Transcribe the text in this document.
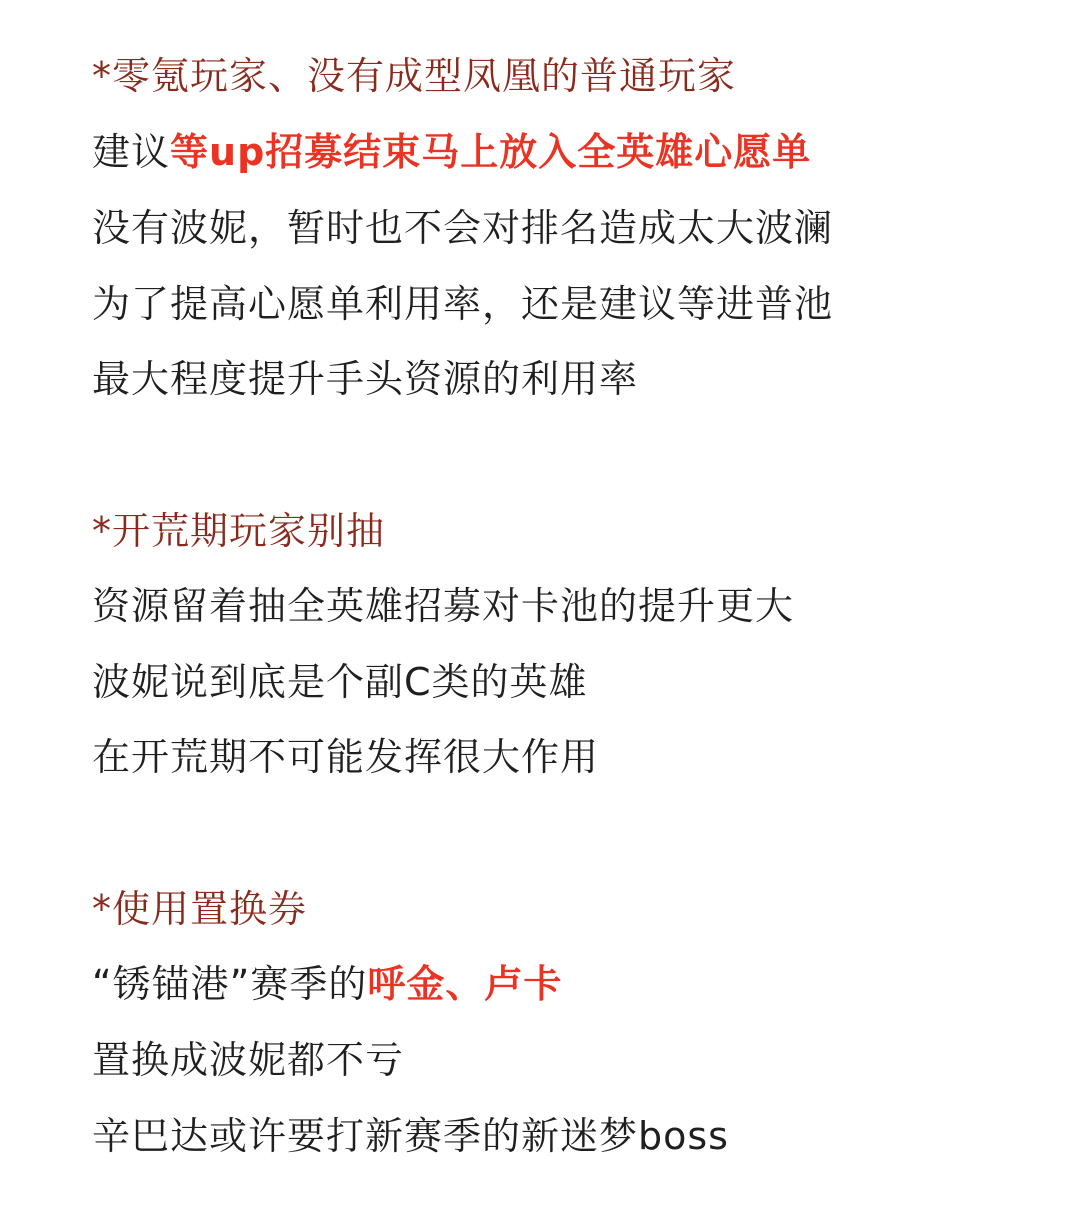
*零氪玩家、没有成型凤凰的普通玩家
建议等up招募结束马上放入全英雄心愿单
没有波妮，暂时也不会对排名造成太大波澜
为了提高心愿单利用率，还是建议等进普池
最大程度提升手头资源的利用率
*开荒期玩家别抽
资源留着抽全英雄招募对卡池的提升更大
波妮说到底是个副C类的英雄
在开荒期不可能发挥很大作用
*使用置换券
“锈锚港”赛季的呼金、卢卡
置换成波妮都不亏
辛巴达或许要打新赛季的新迷梦boss
